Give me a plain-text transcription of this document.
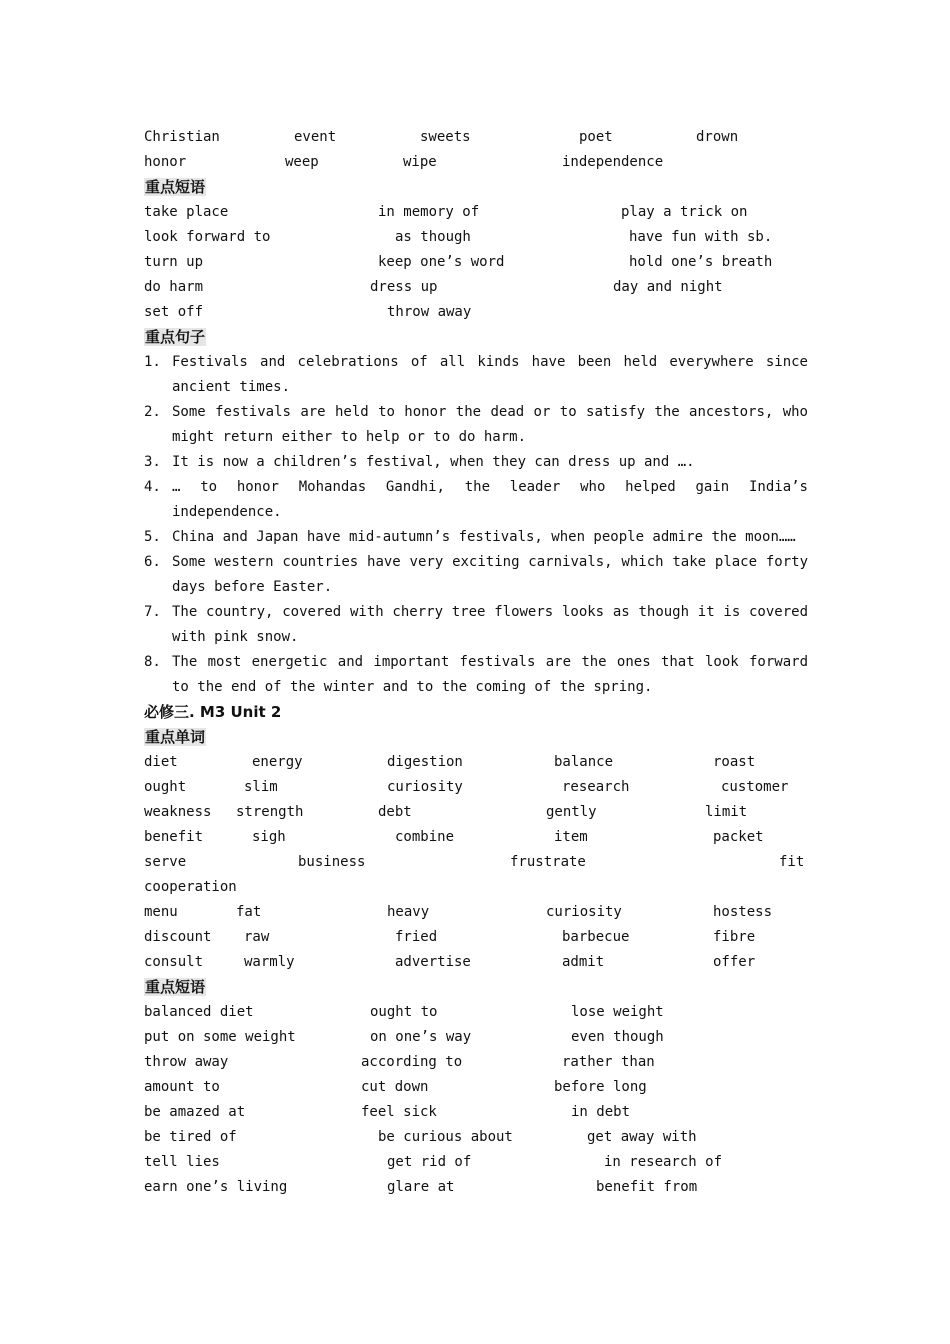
Christian	event	sweets	poet	drown
honor	weep	wipe	independence
重点短语
take place	in memory of	play a trick on
look forward to	as though	have fun with sb.
turn up	keep one’s word	hold one’s breath
do harm	dress up	day and night
set off	throw away
重点句子
1. Festivals and celebrations of all kinds have been held everywhere since ancient times.
2. Some festivals are held to honor the dead or to satisfy the ancestors, who might return either to help or to do harm.
3. It is now a children’s festival, when they can dress up and ….
4. … to honor Mohandas Gandhi, the leader who helped gain India’s independence.
5. China and Japan have mid-autumn’s festivals, when people admire the moon……
6. Some western countries have very exciting carnivals, which take place forty days before Easter.
7. The country, covered with cherry tree flowers looks as though it is covered with pink snow.
8. The most energetic and important festivals are the ones that look forward to the end of the winter and to the coming of the spring.
必修三. M3 Unit 2
重点单词
diet	energy	digestion	balance	roast
ought	slim	curiosity	research	customer
weakness strength	debt	gently	limit
benefit	sigh	combine	item	packet
serve	business	frustrate	fit
cooperation
menu	fat	heavy	curiosity	hostess
discount raw	fried	barbecue	fibre
consult	warmly	advertise	admit	offer
重点短语
balanced diet	ought to	lose weight
put on some weight	on one’s way	even though
throw away	according to	rather than
amount to	cut down	before long
be amazed at	feel sick	in debt
be tired of	be curious about	get away with
tell lies	get rid of	in research of
earn one’s living	glare at	benefit from
